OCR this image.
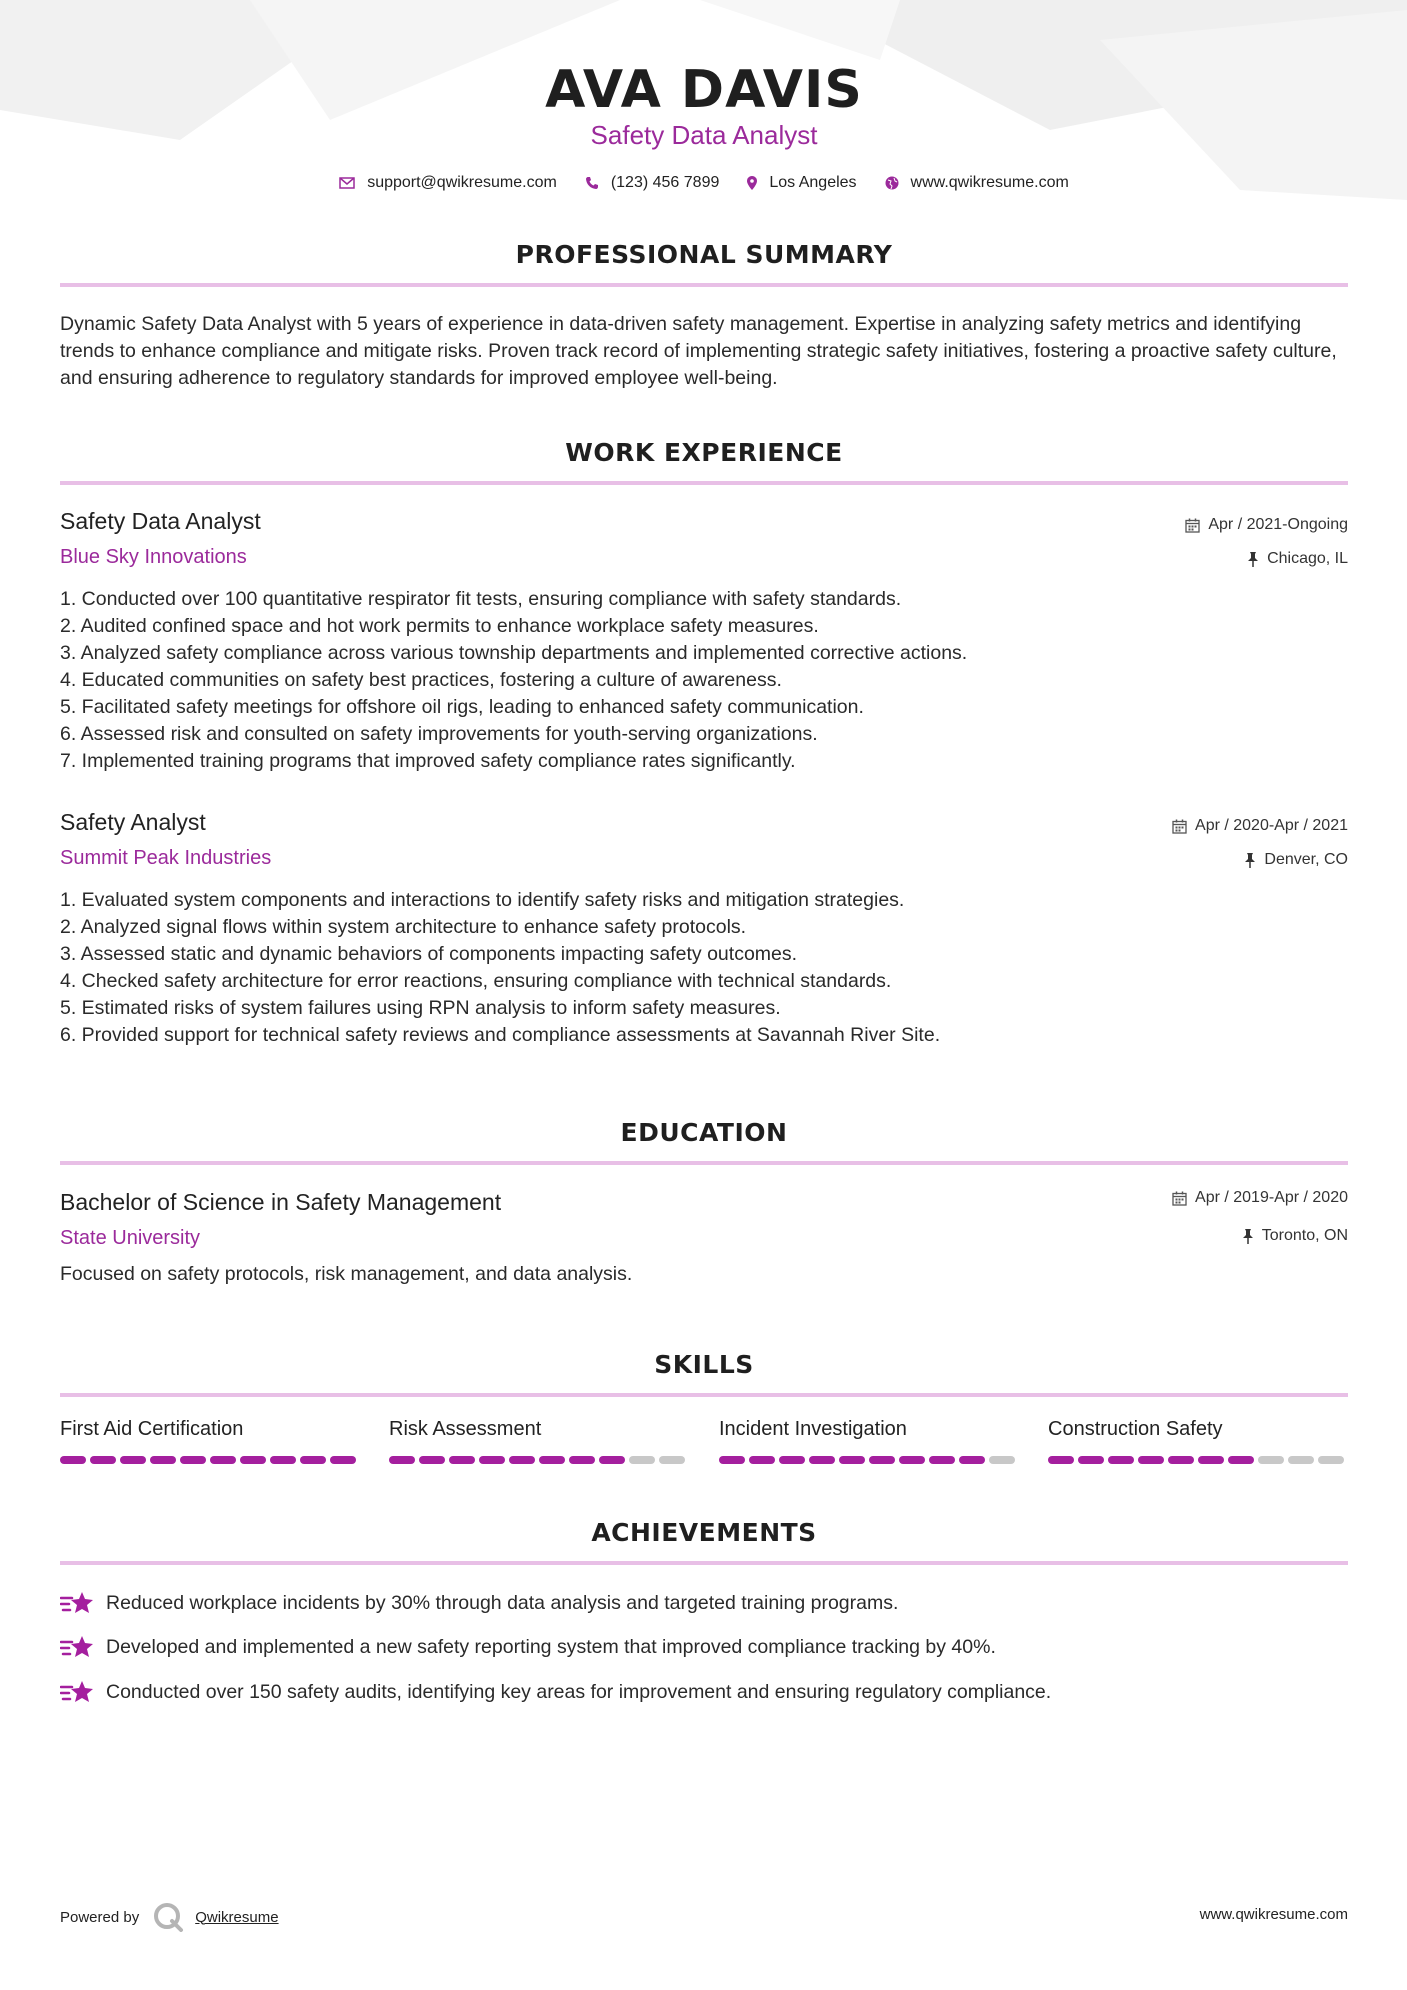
AVA DAVIS
Safety Data Analyst
support@qwikresume.com	(123) 456 7899	Los Angeles	www.qwikresume.com
PROFESSIONAL SUMMARY
Dynamic Safety Data Analyst with 5 years of experience in data-driven safety management. Expertise in analyzing safety metrics and identifying trends to enhance compliance and mitigate risks. Proven track record of implementing strategic safety initiatives, fostering a proactive safety culture, and ensuring adherence to regulatory standards for improved employee well-being.
WORK EXPERIENCE
Safety Data Analyst
Blue Sky Innovations
Apr / 2021-Ongoing
Chicago, IL
1. Conducted over 100 quantitative respirator fit tests, ensuring compliance with safety standards.
2. Audited confined space and hot work permits to enhance workplace safety measures.
3. Analyzed safety compliance across various township departments and implemented corrective actions.
4. Educated communities on safety best practices, fostering a culture of awareness.
5. Facilitated safety meetings for offshore oil rigs, leading to enhanced safety communication.
6. Assessed risk and consulted on safety improvements for youth-serving organizations.
7. Implemented training programs that improved safety compliance rates significantly.
Safety Analyst
Summit Peak Industries
Apr / 2020-Apr / 2021
Denver, CO
1. Evaluated system components and interactions to identify safety risks and mitigation strategies.
2. Analyzed signal flows within system architecture to enhance safety protocols.
3. Assessed static and dynamic behaviors of components impacting safety outcomes.
4. Checked safety architecture for error reactions, ensuring compliance with technical standards.
5. Estimated risks of system failures using RPN analysis to inform safety measures.
6. Provided support for technical safety reviews and compliance assessments at Savannah River Site.
EDUCATION
Bachelor of Science in Safety Management
State University
Apr / 2019-Apr / 2020
Toronto, ON
Focused on safety protocols, risk management, and data analysis.
SKILLS
First Aid Certification	Risk Assessment	Incident Investigation	Construction Safety
ACHIEVEMENTS
Reduced workplace incidents by 30% through data analysis and targeted training programs.
Developed and implemented a new safety reporting system that improved compliance tracking by 40%.
Conducted over 150 safety audits, identifying key areas for improvement and ensuring regulatory compliance.
Powered by	Qwikresume	www.qwikresume.com
